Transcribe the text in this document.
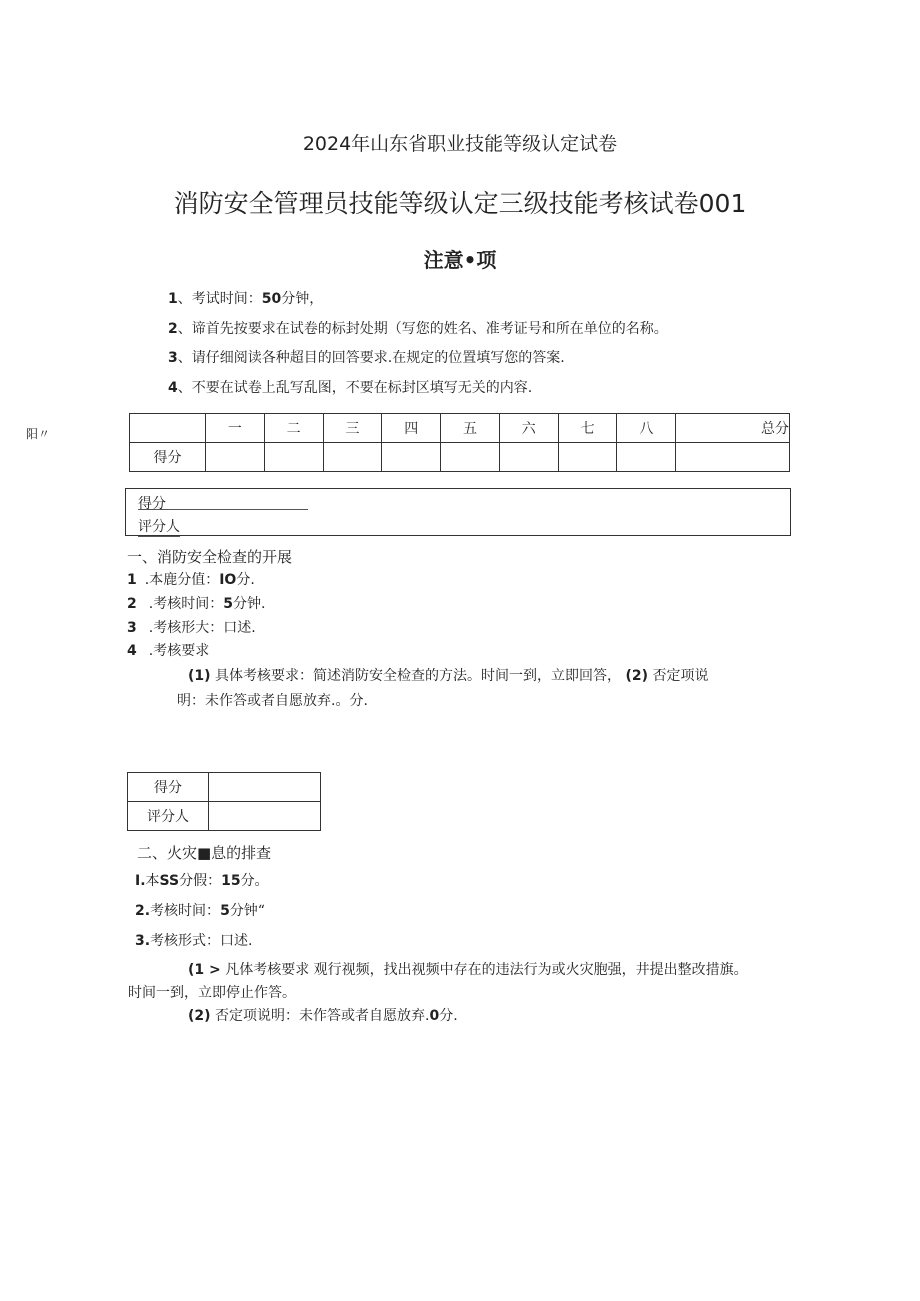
2024年山东省职业技能等级认定试卷
消防安全管理员技能等级认定三级技能考核试卷001
注意•项
阳〃
1、考试时间：50分钟，
2、谛首先按要求在试卷的标封处期（写您的姓名、准考证号和所在单位的名称。
3、请仔细阅读各种超目的回答要求.在规定的位置填写您的答案.
4、不要在试卷上乱写乱图，不要在标封区填写无关的内容.
	一	二	三	四	五	六	七	八	总分
得分									
得分
评分人
一、消防安全检查的开展
1 .本鹿分值：IO分.
2 .考核时间：5分钟.
3 .考核形大：口述.
4 .考核要求
(1) 具体考核要求：简述消防安全检查的方法。时间一到，立即回答， (2) 否定项说
明：未作答或者自愿放弃.。分.
得分	
评分人	
二、火灾■息的排查
I.本SS分假：15分。
2.考核时间：5分钟“
3.考核形式：口述.
(1 > 凡体考核要求 观行视频，找出视频中存在的违法行为或火灾胞强，井提出整改措旗。
时间一到，立即停止作答。
(2) 否定项说明：未作答或者自愿放弃.0分.
